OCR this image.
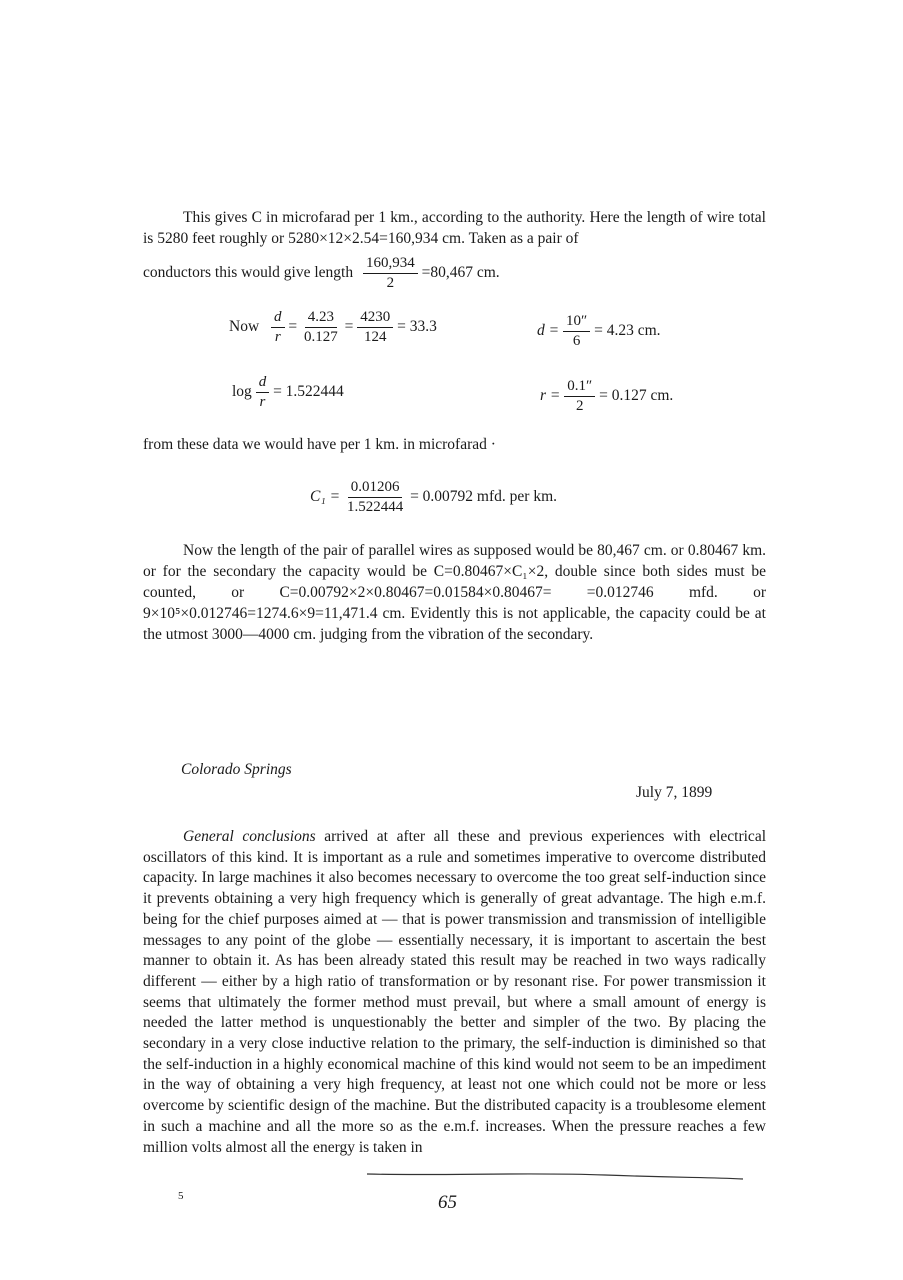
This gives C in microfarad per 1 km., according to the authority. Here the length of wire total is 5280 feet roughly or 5280×12×2.54=160,934 cm. Taken as a pair of
conductors this would give length $\frac{160,934}{2} =80,467$ cm.
Now $\frac{d}{r} = \frac{4.23}{0.127} = \frac{4230}{124} = 33.3$	$d = \frac{10''}{6} = 4.23$ cm.
$\log \frac{d}{r} = 1.522444$	$r = \frac{0.1''}{2} = 0.127$ cm.
from these data we would have per 1 km. in microfarad ·
$C_1 = \frac{0.01206}{1.522444} = 0.00792$ mfd. per km.
Now the length of the pair of parallel wires as supposed would be 80,467 cm. or 0.80467 km. or for the secondary the capacity would be C=0.80467×C₁×2, double since both sides must be counted, or C=0.00792×2×0.80467=0.01584×0.80467= =0.012746 mfd. or 9×10⁵×0.012746=1274.6×9=11,471.4 cm. Evidently this is not applicable, the capacity could be at the utmost 3000—4000 cm. judging from the vibration of the secondary.
Colorado Springs
July 7, 1899
General conclusions arrived at after all these and previous experiences with electrical oscillators of this kind. It is important as a rule and sometimes imperative to overcome distributed capacity. In large machines it also becomes necessary to overcome the too great self-induction since it prevents obtaining a very high frequency which is generally of great advantage. The high e.m.f. being for the chief purposes aimed at — that is power transmission and transmission of intelligible messages to any point of the globe — essentially necessary, it is important to ascertain the best manner to obtain it. As has been already stated this result may be reached in two ways radically different — either by a high ratio of transformation or by resonant rise. For power transmission it seems that ultimately the former method must prevail, but where a small amount of energy is needed the latter method is unquestionably the better and simpler of the two. By placing the secondary in a very close inductive relation to the primary, the self-induction is diminished so that the self-induction in a highly economical machine of this kind would not seem to be an impediment in the way of obtaining a very high frequency, at least not one which could not be more or less overcome by scientific design of the machine. But the distributed capacity is a troublesome element in such a machine and all the more so as the e.m.f. increases. When the pressure reaches a few million volts almost all the energy is taken in
5	65
